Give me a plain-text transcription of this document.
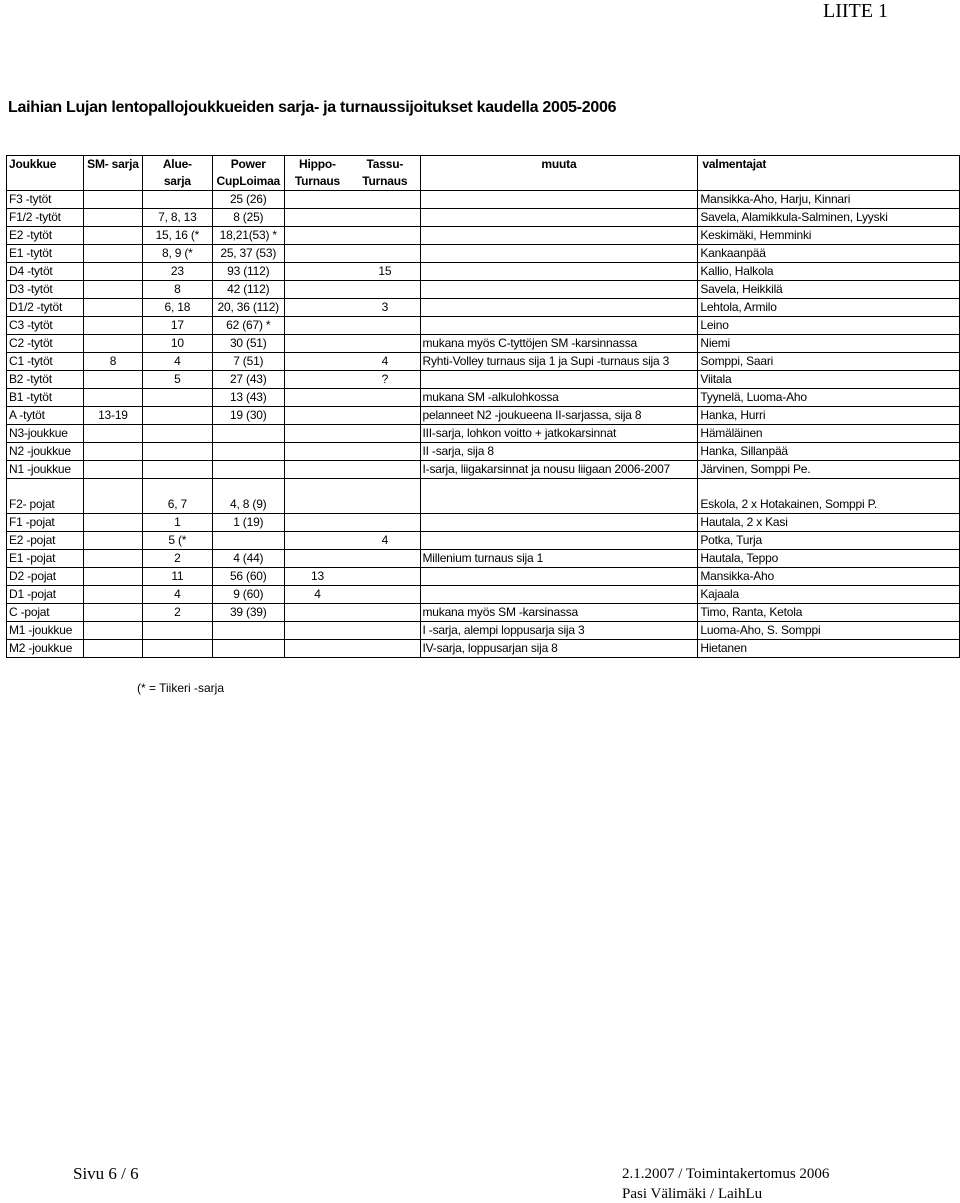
LIITE 1
Laihian Lujan lentopallojoukkueiden sarja- ja turnaussijoitukset kaudella 2005-2006
Joukkue	SM- sarja	Alue-	Power	Hippo-	Tassu-	muuta	valmentajat
		sarja	CupLoimaa	Turnaus	Turnaus		
F3 -tytöt			25 (26)				Mansikka-Aho, Harju, Kinnari
F1/2 -tytöt		7, 8, 13	8 (25)				Savela, Alamikkula-Salminen, Lyyski
E2 -tytöt		15, 16 (*	18,21(53) *				Keskimäki, Hemminki
E1 -tytöt		8, 9 (*	25, 37 (53)				Kankaanpää
D4 -tytöt		23	93 (112)		15		Kallio, Halkola
D3 -tytöt		8	42 (112)				Savela, Heikkilä
D1/2 -tytöt		6, 18	20, 36 (112)		3		Lehtola, Armilo
C3 -tytöt		17	62 (67) *				Leino
C2 -tytöt		10	30 (51)			mukana myös C-tyttöjen SM -karsinnassa	Niemi
C1 -tytöt	8	4	7 (51)		4	Ryhti-Volley turnaus sija 1 ja Supi -turnaus sija 3	Somppi, Saari
B2 -tytöt		5	27 (43)		?		Viitala
B1 -tytöt			13 (43)			mukana SM -alkulohkossa	Tyynelä, Luoma-Aho
A -tytöt	13-19		19 (30)			pelanneet N2 -joukueena II-sarjassa, sija 8	Hanka, Hurri
N3-joukkue						III-sarja, lohkon voitto + jatkokarsinnat	Hämäläinen
N2 -joukkue						II -sarja, sija 8	Hanka, Sillanpää
N1 -joukkue						I-sarja, liigakarsinnat ja nousu liigaan 2006-2007	Järvinen, Somppi Pe.

F2- pojat		6, 7	4, 8 (9)				Eskola, 2 x Hotakainen, Somppi P.
F1 -pojat		1	1 (19)				Hautala, 2 x Kasi
E2 -pojat		5 (*			4		Potka, Turja
E1 -pojat		2	4 (44)			Millenium turnaus sija 1	Hautala, Teppo
D2 -pojat		11	56 (60)	13			Mansikka-Aho
D1 -pojat		4	9 (60)	4			Kajaala
C -pojat		2	39 (39)			mukana myös SM -karsinassa	Timo, Ranta, Ketola
M1 -joukkue						I -sarja, alempi loppusarja sija 3	Luoma-Aho, S. Somppi
M2 -joukkue						IV-sarja, loppusarjan sija 8	Hietanen
(* = Tiikeri -sarja
Sivu 6 / 6	2.1.2007 / Toimintakertomus 2006
Pasi Välimäki / LaihLu
